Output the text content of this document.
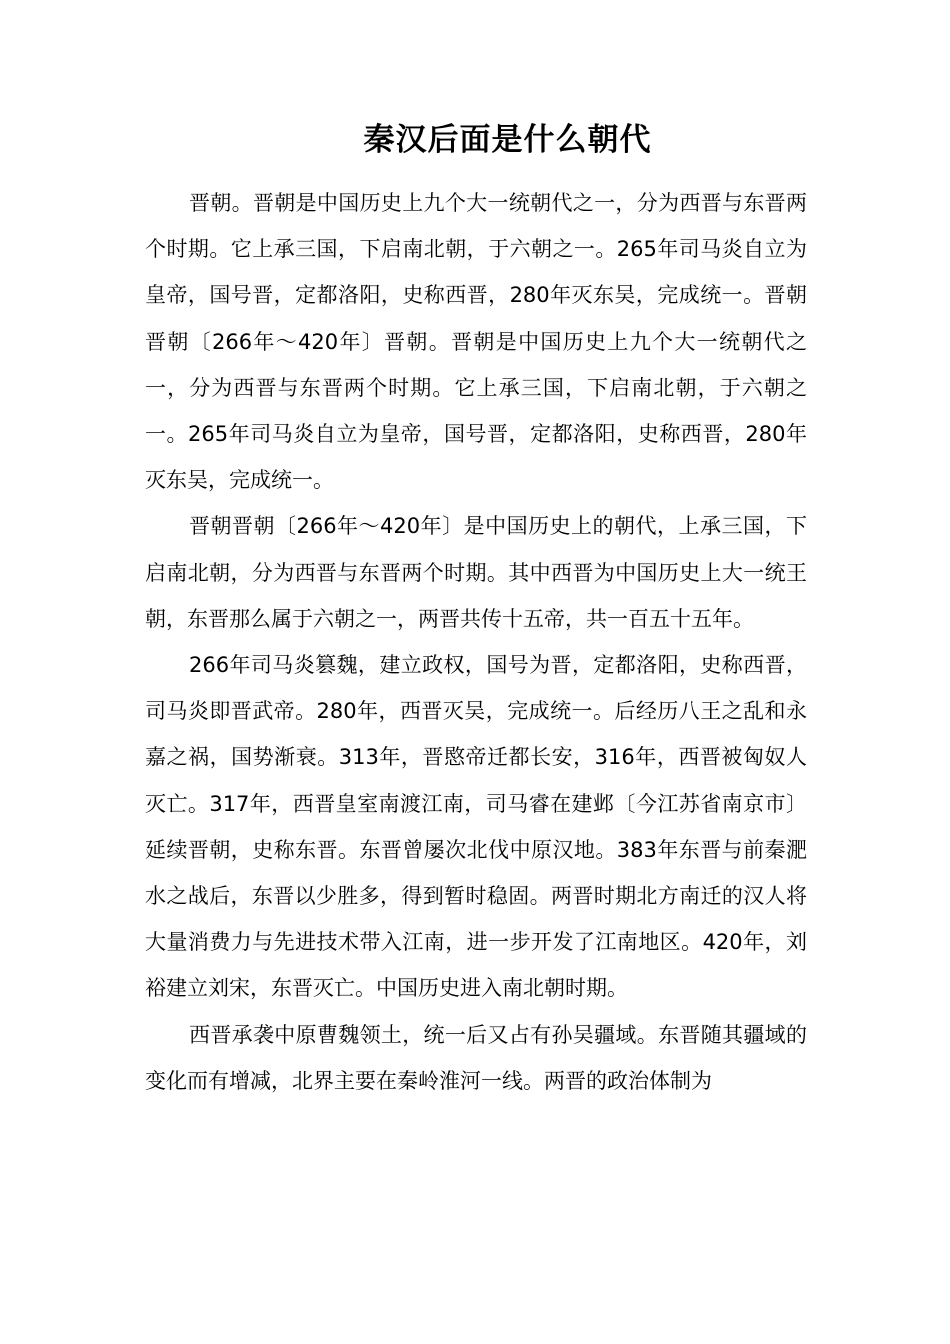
秦汉后面是什么朝代

晋朝。晋朝是中国历史上九个大一统朝代之一，分为西晋与东晋两个时期。它上承三国，下启南北朝，于六朝之一。265年司马炎自立为皇帝，国号晋，定都洛阳，史称西晋，280年灭东吴，完成统一。晋朝晋朝〔266年～420年〕晋朝。晋朝是中国历史上九个大一统朝代之一，分为西晋与东晋两个时期。它上承三国，下启南北朝，于六朝之一。265年司马炎自立为皇帝，国号晋，定都洛阳，史称西晋，280年灭东吴，完成统一。

晋朝晋朝〔266年～420年〕是中国历史上的朝代，上承三国，下启南北朝，分为西晋与东晋两个时期。其中西晋为中国历史上大一统王朝，东晋那么属于六朝之一，两晋共传十五帝，共一百五十五年。

266年司马炎篡魏，建立政权，国号为晋，定都洛阳，史称西晋，司马炎即晋武帝。280年，西晋灭吴，完成统一。后经历八王之乱和永嘉之祸，国势渐衰。313年，晋愍帝迁都长安，316年，西晋被匈奴人灭亡。317年，西晋皇室南渡江南，司马睿在建邺〔今江苏省南京市〕延续晋朝，史称东晋。东晋曾屡次北伐中原汉地。383年东晋与前秦淝水之战后，东晋以少胜多，得到暂时稳固。两晋时期北方南迁的汉人将大量消费力与先进技术带入江南，进一步开发了江南地区。420年，刘裕建立刘宋，东晋灭亡。中国历史进入南北朝时期。

西晋承袭中原曹魏领土，统一后又占有孙吴疆域。东晋随其疆域的变化而有增减，北界主要在秦岭淮河一线。两晋的政治体制为
